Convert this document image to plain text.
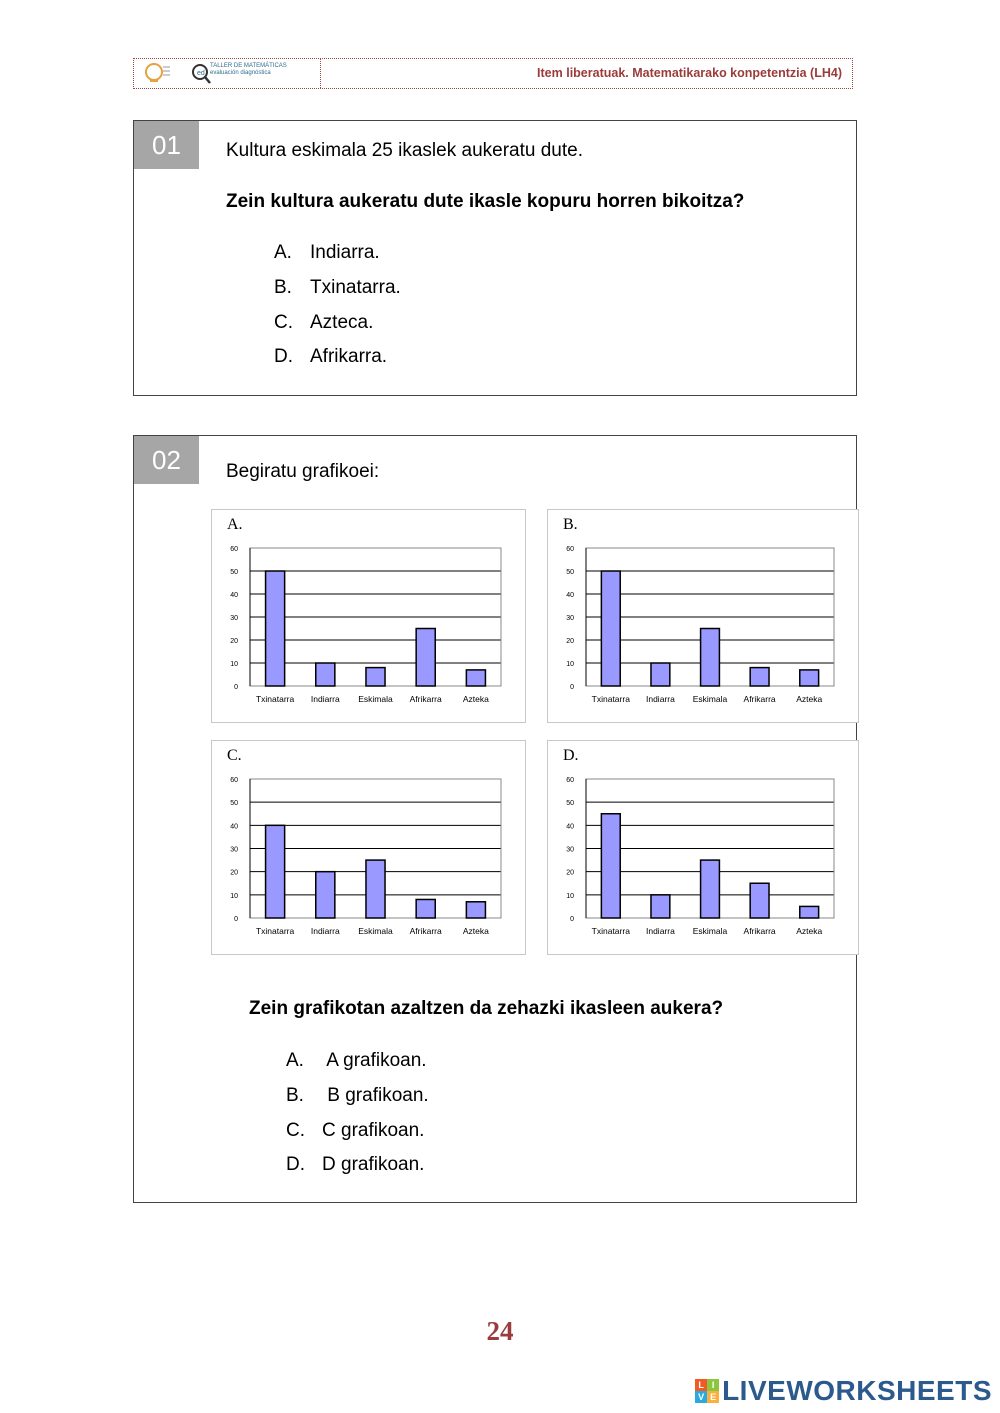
ed
TALLER DE MATEMÁTICAS evaluación diagnóstica	Item liberatuak. Matematikarako konpetentzia (LH4)
01	Kultura eskimala 25 ikaslek aukeratu dute.
Zein kultura aukeratu dute ikasle kopuru horren bikoitza?
A. Indiarra.
B. Txinatarra.
C. Azteca.
D. Afrikarra.
02	Begiratu grafikoei:
Zein grafikotan azaltzen da zehazki ikasleen aukera?
A. A grafikoan.
B. B grafikoan.
C. C grafikoan.
D. D grafikoan.
0
10
20
30
40
50
60
Txinatarra Indiarra Eskimala Afrikarra Azteka
A.
0
10
20
30
40
50
60
Txinatarra Indiarra Eskimala Afrikarra Azteka
B.
0
10
20
30
40
50
60
Txinatarra Indiarra Eskimala Afrikarra Azteka
C.
0
10
20
30
40
50
60
Txinatarra Indiarra Eskimala Afrikarra Azteka
D.
24
L I
V E LIVEWORKSHEETS
